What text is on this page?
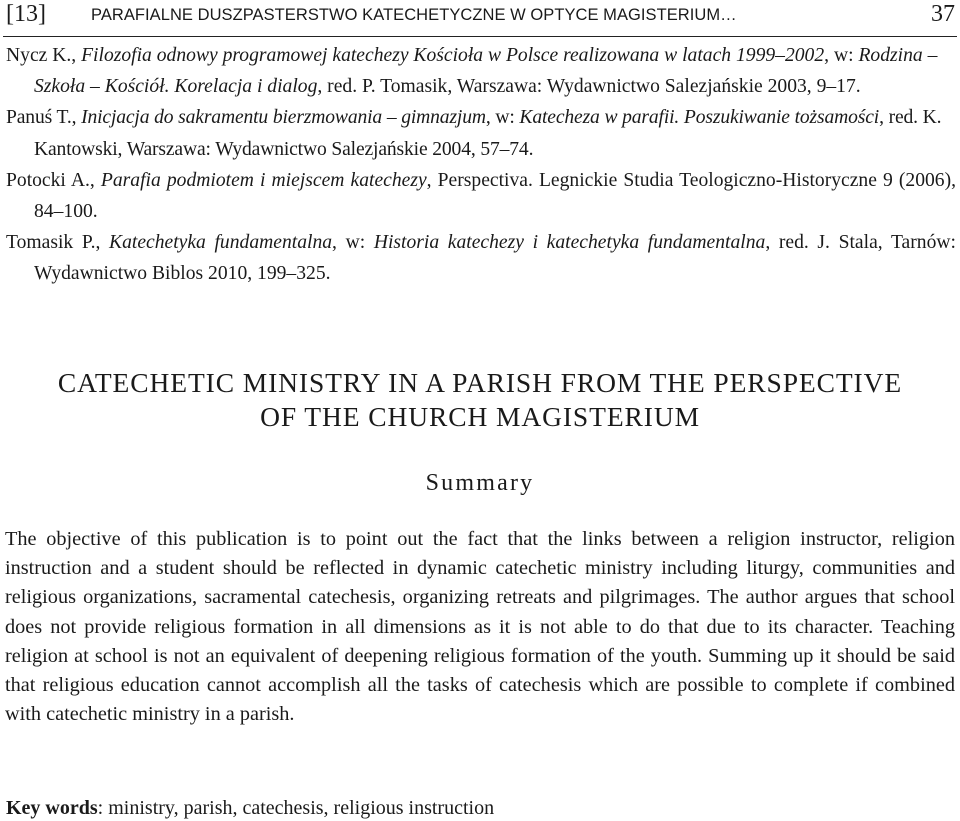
[13]	PARAFIALNE DUSZPASTERSTWO KATECHETYCZNE W OPTYCE MAGISTERIUM…	37

Nycz K., Filozofia odnowy programowej katechezy Kościoła w Polsce realizowana w latach 1999–2002, w: Rodzina – Szkoła – Kościół. Korelacja i dialog, red. P. Tomasik, Warszawa: Wydawnictwo Salezjańskie 2003, 9–17.

Panuś T., Inicjacja do sakramentu bierzmowania – gimnazjum, w: Katecheza w parafii. Poszukiwanie tożsamości, red. K. Kantowski, Warszawa: Wydawnictwo Salezjańskie 2004, 57–74.

Potocki A., Parafia podmiotem i miejscem katechezy, Perspectiva. Legnickie Studia Teologiczno-Historyczne 9 (2006), 84–100.

Tomasik P., Katechetyka fundamentalna, w: Historia katechezy i katechetyka fundamentalna, red. J. Stala, Tarnów: Wydawnictwo Biblos 2010, 199–325.

CATECHETIC MINISTRY IN A PARISH FROM THE PERSPECTIVE
OF THE CHURCH MAGISTERIUM
Summary

The objective of this publication is to point out the fact that the links between a religion instructor, religion instruction and a student should be reflected in dynamic catechetic ministry including liturgy, communities and religious organizations, sacramental catechesis, organizing retreats and pilgrimages. The author argues that school does not provide religious formation in all dimensions as it is not able to do that due to its character. Teaching religion at school is not an equivalent of deepening religious formation of the youth. Summing up it should be said that religious education cannot accomplish all the tasks of catechesis which are possible to complete if combined with catechetic ministry in a parish.

Key words: ministry, parish, catechesis, religious instruction
